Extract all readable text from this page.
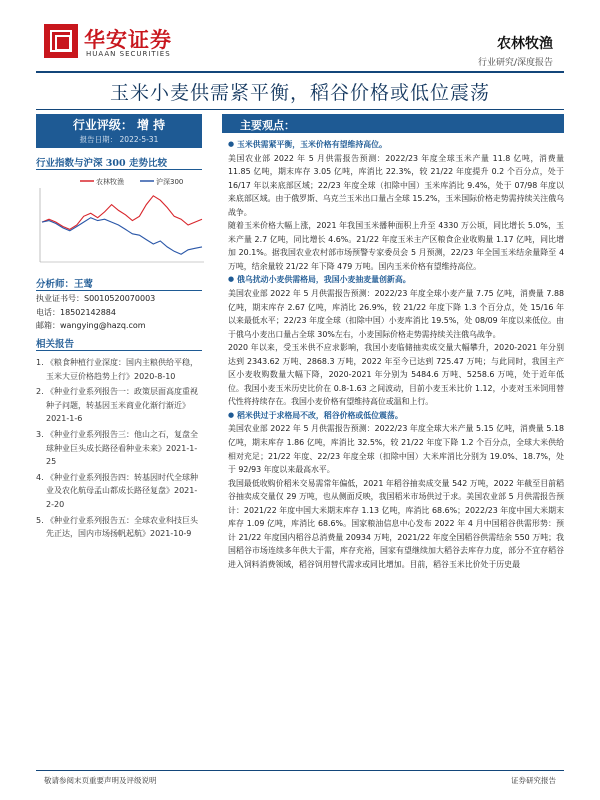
华安证券
HUAAN SECURITIES
农林牧渔
行业研究/深度报告
玉米小麦供需紧平衡，稻谷价格或低位震荡
行业评级： 增 持
报告日期： 2022-5-31
行业指数与沪深 300 走势比较
农林牧渔	沪深300
分析师：王莺
执业证书号：S0010520070003
电话：18502142884
邮箱：wangying@hazq.com
相关报告
1. 《粮食种植行业深度：国内主粮供给平稳，玉米大豆价格趋势上行》2020-8-10
2. 《种业行业系列报告一：政策层面高度重视种子问题，转基因玉米商业化渐行渐近》2021-1-6
3. 《种业行业系列报告三：他山之石，复盘全球种业巨头成长路径看种业未来》2021-1-25
4. 《种业行业系列报告四：转基因时代全球种业及农化航母孟山都成长路径复盘》2021-2-20
5. 《种业行业系列报告五：全球农业科技巨头先正达，国内市场扬帆起航》2021-10-9
主要观点：
● 玉米供需紧平衡，玉米价格有望维持高位。

美国农业部 2022 年 5 月供需报告预测：2022/23 年度全球玉米产量 11.8 亿吨，消费量 11.85 亿吨，期末库存 3.05 亿吨，库消比 22.3%，较 21/22 年度提升 0.2 个百分点，处于 16/17 年以来底部区域；22/23 年度全球（扣除中国）玉米库消比 9.4%，处于 07/98 年度以来底部区域。由于俄罗斯、乌克兰玉米出口量占全球 15.2%，玉米国际价格走势需持续关注俄乌战争。

随着玉米价格大幅上涨，2021 年我国玉米播种面积上升至 4330 万公顷，同比增长 5.0%，玉米产量 2.7 亿吨，同比增长 4.6%。21/22 年度玉米主产区粮食企业收购量 1.17 亿吨，同比增加 20.1%。据我国农业农村部市场预警专家委员会 5 月预测，22/23 年全国玉米结余量降至 4 万吨，结余量较 21/22 年下降 479 万吨。国内玉米价格有望维持高位。

● 俄乌扰动小麦供需格局，我国小麦抽麦量创新高。

美国农业部 2022 年 5 月供需报告预测：2022/23 年度全球小麦产量 7.75 亿吨，消费量 7.88 亿吨，期末库存 2.67 亿吨，库消比 26.9%，较 21/22 年度下降 1.3 个百分点，处 15/16 年以来最低水平；22/23 年度全球（扣除中国）小麦库消比 19.5%，处 08/09 年度以来低位。由于俄乌小麦出口量占全球 30%左右，小麦国际价格走势需持续关注俄乌战争。

2020 年以来，受玉米供不应求影响，我国小麦临储抽卖成交量大幅攀升，2020-2021 年分别达到 2343.62 万吨、2868.3 万吨，2022 年至今已达到 725.47 万吨；与此同时，我国主产区小麦收购数量大幅下降，2020-2021 年分别为 5484.6 万吨、5258.6 万吨，处于近年低位。我国小麦玉米历史比价在 0.8-1.63 之间波动，目前小麦玉米比价 1.12，小麦对玉米饲用替代性将持续存在。我国小麦价格有望维持高位或温和上行。

● 稻米供过于求格局不改，稻谷价格或低位震荡。

美国农业部 2022 年 5 月供需报告预测：2022/23 年度全球大米产量 5.15 亿吨，消费量 5.18 亿吨，期末库存 1.86 亿吨，库消比 32.5%，较 21/22 年度下降 1.2 个百分点，全球大米供给相对充足；21/22 年度、22/23 年度全球（扣除中国）大米库消比分别为 19.0%、18.7%，处于 92/93 年度以来最高水平。

我国最低收购价稻米交易需常年偏低，2021 年稻谷抽卖成交量 542 万吨，2022 年截至目前稻谷抽卖成交量仅 29 万吨，也从侧面反映，我国稻米市场供过于求。美国农业部 5 月供需报告预计：2021/22 年度中国大米期末库存 1.13 亿吨，库消比 68.6%；2022/23 年度中国大米期末库存 1.09 亿吨，库消比 68.6%。国家粮油信息中心发布 2022 年 4 月中国稻谷供需形势：预计 21/22 年度国内稻谷总消费量 20934 万吨，2021/22 年度全国稻谷供需结余 550 万吨；我国稻谷市场连续多年供大于需，库存充裕，国家有望继续加大稻谷去库存力度，部分不宜存稻谷进入饲料消费领域，稻谷饲用替代需求或同比增加。目前，稻谷玉米比价处于历史最

敬请参阅末页重要声明及评级说明	证券研究报告
